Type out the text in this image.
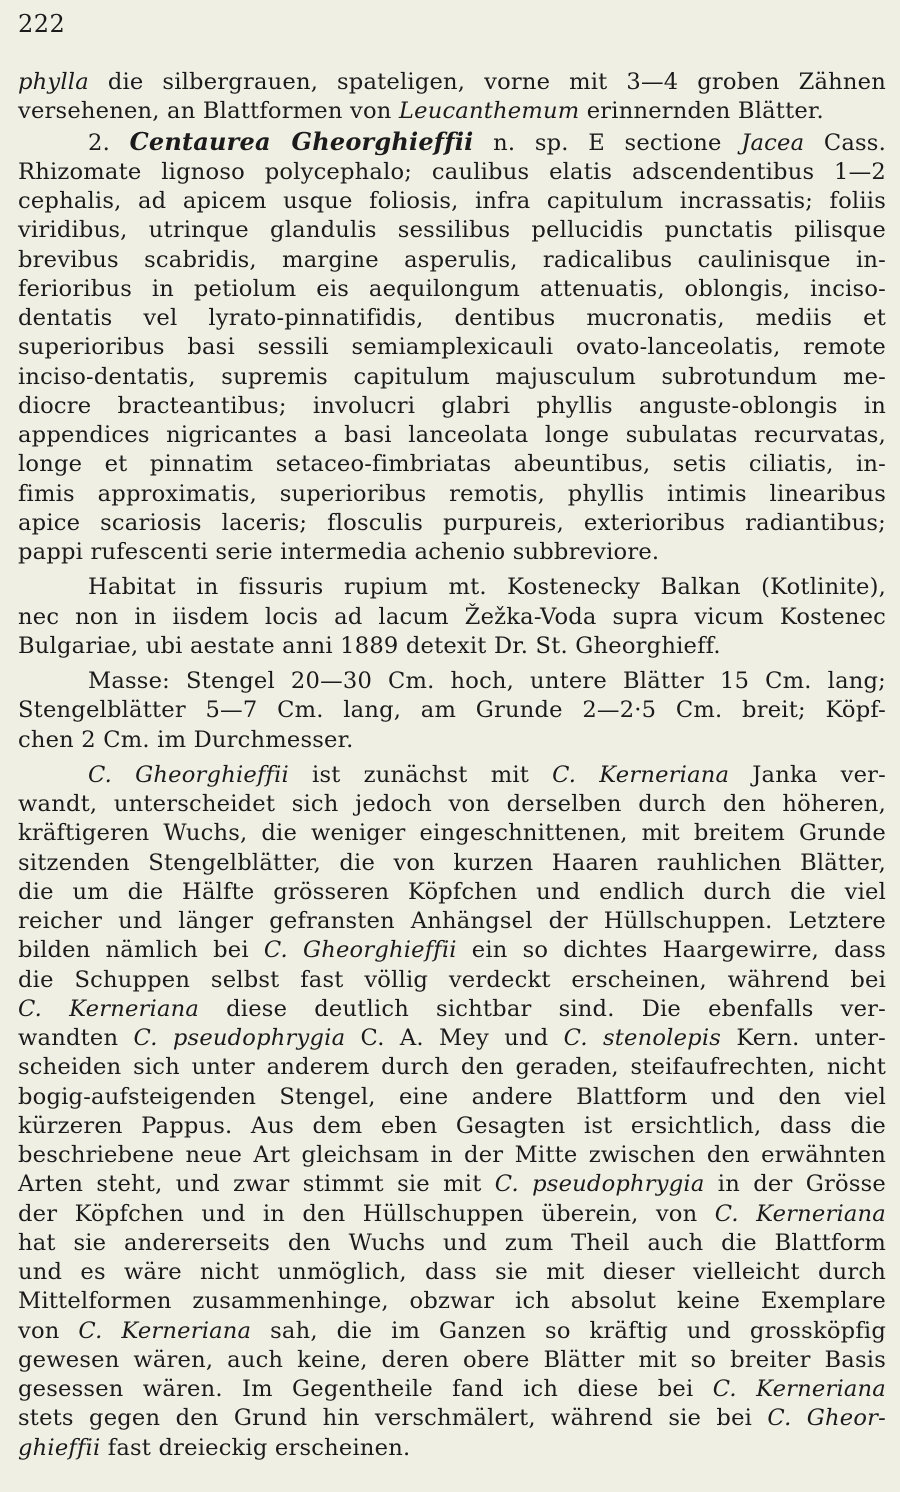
222
phylla die silbergrauen, spateligen, vorne mit 3—4 groben Zähnen
versehenen, an Blattformen von Leucanthemum erinnernden Blätter.
2. Centaurea Gheorghieffii n. sp. E sectione Jacea Cass.
Rhizomate lignoso polycephalo; caulibus elatis adscendentibus 1—2
cephalis, ad apicem usque foliosis, infra capitulum incrassatis; foliis
viridibus, utrinque glandulis sessilibus pellucidis punctatis pilisque
brevibus scabridis, margine asperulis, radicalibus caulinisque in-
ferioribus in petiolum eis aequilongum attenuatis, oblongis, inciso-
dentatis vel lyrato-pinnatifidis, dentibus mucronatis, mediis et
superioribus basi sessili semiamplexicauli ovato-lanceolatis, remote
inciso-dentatis, supremis capitulum majusculum subrotundum me-
diocre bracteantibus; involucri glabri phyllis anguste-oblongis in
appendices nigricantes a basi lanceolata longe subulatas recurvatas,
longe et pinnatim setaceo-fimbriatas abeuntibus, setis ciliatis, in-
fimis approximatis, superioribus remotis, phyllis intimis linearibus
apice scariosis laceris; flosculis purpureis, exterioribus radiantibus;
pappi rufescenti serie intermedia achenio subbreviore.
Habitat in fissuris rupium mt. Kostenecky Balkan (Kotlinite),
nec non in iisdem locis ad lacum Žežka-Voda supra vicum Kostenec
Bulgariae, ubi aestate anni 1889 detexit Dr. St. Gheorghieff.
Masse: Stengel 20—30 Cm. hoch, untere Blätter 15 Cm. lang;
Stengelblätter 5—7 Cm. lang, am Grunde 2—2·5 Cm. breit; Köpf-
chen 2 Cm. im Durchmesser.
C. Gheorghieffii ist zunächst mit C. Kerneriana Janka ver-
wandt, unterscheidet sich jedoch von derselben durch den höheren,
kräftigeren Wuchs, die weniger eingeschnittenen, mit breitem Grunde
sitzenden Stengelblätter, die von kurzen Haaren rauhlichen Blätter,
die um die Hälfte grösseren Köpfchen und endlich durch die viel
reicher und länger gefransten Anhängsel der Hüllschuppen. Letztere
bilden nämlich bei C. Gheorghieffii ein so dichtes Haargewirre, dass
die Schuppen selbst fast völlig verdeckt erscheinen, während bei
C. Kerneriana diese deutlich sichtbar sind. Die ebenfalls ver-
wandten C. pseudophrygia C. A. Mey und C. stenolepis Kern. unter-
scheiden sich unter anderem durch den geraden, steifaufrechten, nicht
bogig-aufsteigenden Stengel, eine andere Blattform und den viel
kürzeren Pappus. Aus dem eben Gesagten ist ersichtlich, dass die
beschriebene neue Art gleichsam in der Mitte zwischen den erwähnten
Arten steht, und zwar stimmt sie mit C. pseudophrygia in der Grösse
der Köpfchen und in den Hüllschuppen überein, von C. Kerneriana
hat sie andererseits den Wuchs und zum Theil auch die Blattform
und es wäre nicht unmöglich, dass sie mit dieser vielleicht durch
Mittelformen zusammenhinge, obzwar ich absolut keine Exemplare
von C. Kerneriana sah, die im Ganzen so kräftig und grossköpfig
gewesen wären, auch keine, deren obere Blätter mit so breiter Basis
gesessen wären. Im Gegentheile fand ich diese bei C. Kerneriana
stets gegen den Grund hin verschmälert, während sie bei C. Gheor-
ghieffii fast dreieckig erscheinen.
